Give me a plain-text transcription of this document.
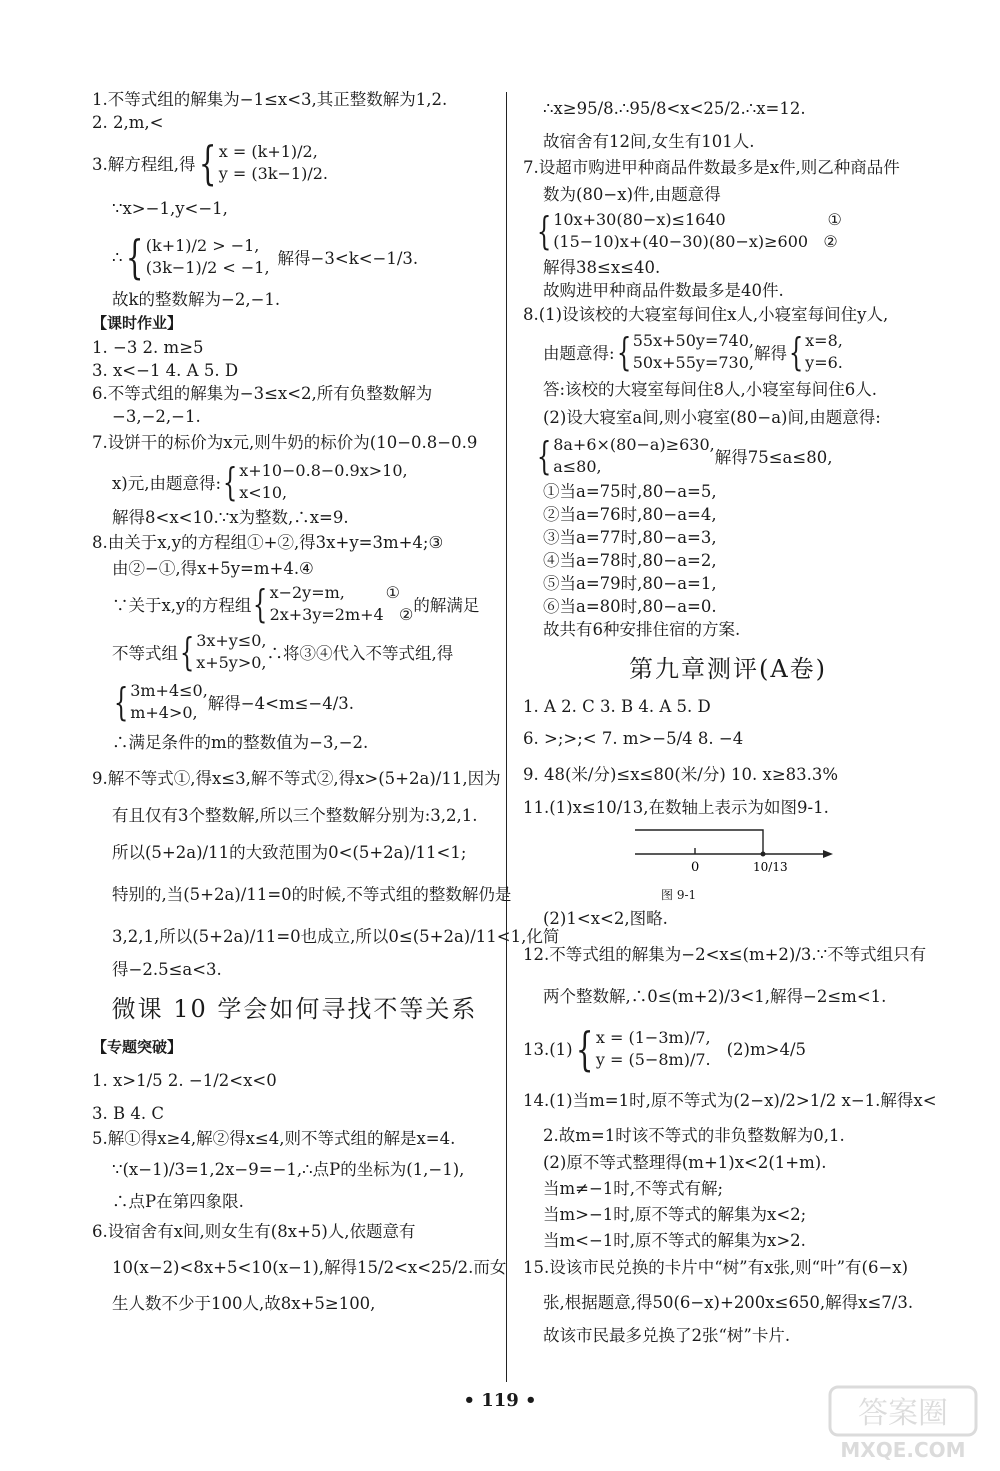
1.不等式组的解集为−1≤x<3,其正整数解为1,2.
2. 2,m,<
3.解方程组,得 { x = (k+1)/2,
y = (3k−1)/2.
∵x>−1,y<−1,
∴ { (k+1)/2 > −1,
(3k−1)/2 < −1, 解得−3<k<−1/3.
故k的整数解为−2,−1.
【课时作业】
1. −3 2. m≥5
3. x<−1 4. A 5. D
6.不等式组的解集为−3≤x<2,所有负整数解为
−3,−2,−1.
7.设饼干的标价为x元,则牛奶的标价为(10−0.8−0.9
x)元,由题意得: { x+10−0.8−0.9x>10,
x<10,
解得8<x<10.∵x为整数,∴x=9.
8.由关于x,y的方程组①+②,得3x+y=3m+4;③
由②−①,得x+5y=m+4.④
∵关于x,y的方程组 { x−2y=m,        ①
2x+3y=2m+4   ② 的解满足
不等式组 { 3x+y≤0,
x+5y>0, ∴将③④代入不等式组,得
{ 3m+4≤0,
m+4>0, 解得−4<m≤−4/3.
∴满足条件的m的整数值为−3,−2.
9.解不等式①,得x≤3,解不等式②,得x>(5+2a)/11,因为
有且仅有3个整数解,所以三个整数解分别为:3,2,1.
所以(5+2a)/11的大致范围为0<(5+2a)/11<1;
特别的,当(5+2a)/11=0的时候,不等式组的整数解仍是
3,2,1,所以(5+2a)/11=0也成立,所以0≤(5+2a)/11<1,化简
得−2.5≤a<3.
微课 10 学会如何寻找不等关系
【专题突破】
1. x>1/5 2. −1/2<x<0
3. B 4. C
5.解①得x≥4,解②得x≤4,则不等式组的解是x=4.
∵(x−1)/3=1,2x−9=−1,∴点P的坐标为(1,−1),
∴点P在第四象限.
6.设宿舍有x间,则女生有(8x+5)人,依题意有
10(x−2)<8x+5<10(x−1),解得15/2<x<25/2.而女
生人数不少于100人,故8x+5≥100,
∴x≥95/8.∴95/8<x<25/2.∴x=12.
故宿舍有12间,女生有101人.
7.设超市购进甲种商品件数最多是x件,则乙种商品件
数为(80−x)件,由题意得
{ 10x+30(80−x)≤1640                    ①
(15−10)x+(40−30)(80−x)≥600   ②
解得38≤x≤40.
故购进甲种商品件数最多是40件.
8.(1)设该校的大寝室每间住x人,小寝室每间住y人,
由题意得: { 55x+50y=740,
50x+55y=730, 解得 { x=8,
y=6.
答:该校的大寝室每间住8人,小寝室每间住6人.
(2)设大寝室a间,则小寝室(80−a)间,由题意得:
{ 8a+6×(80−a)≥630,
a≤80,	解得75≤a≤80,
①当a=75时,80−a=5,
②当a=76时,80−a=4,
③当a=77时,80−a=3,
④当a=78时,80−a=2,
⑤当a=79时,80−a=1,
⑥当a=80时,80−a=0.
故共有6种安排住宿的方案.
第九章测评(A卷)
1. A 2. C 3. B 4. A 5. D
6. >;>;< 7. m>−5/4 8. −4
9. 48(米/分)≤x≤80(米/分) 10. x≥83.3%
11.(1)x≤10/13,在数轴上表示为如图9-1.
0	10/13
图 9-1
(2)1<x<2,图略.
12.不等式组的解集为−2<x≤(m+2)/3.∵不等式组只有
两个整数解,∴0≤(m+2)/3<1,解得−2≤m<1.
13.(1) { x = (1−3m)/7,
y = (5−8m)/7.
(2)m>4/5
14.(1)当m=1时,原不等式为(2−x)/2>1/2 x−1.解得x<
2.故m=1时该不等式的非负整数解为0,1.
(2)原不等式整理得(m+1)x<2(1+m).
当m≠−1时,不等式有解;
当m>−1时,原不等式的解集为x<2;
当m<−1时,原不等式的解集为x>2.
15.设该市民兑换的卡片中“树”有x张,则“叶”有(6−x)
张,根据题意,得50(6−x)+200x≤650,解得x≤7/3.
故该市民最多兑换了2张“树”卡片.
• 119 •	答案圈
MXQE.COM
